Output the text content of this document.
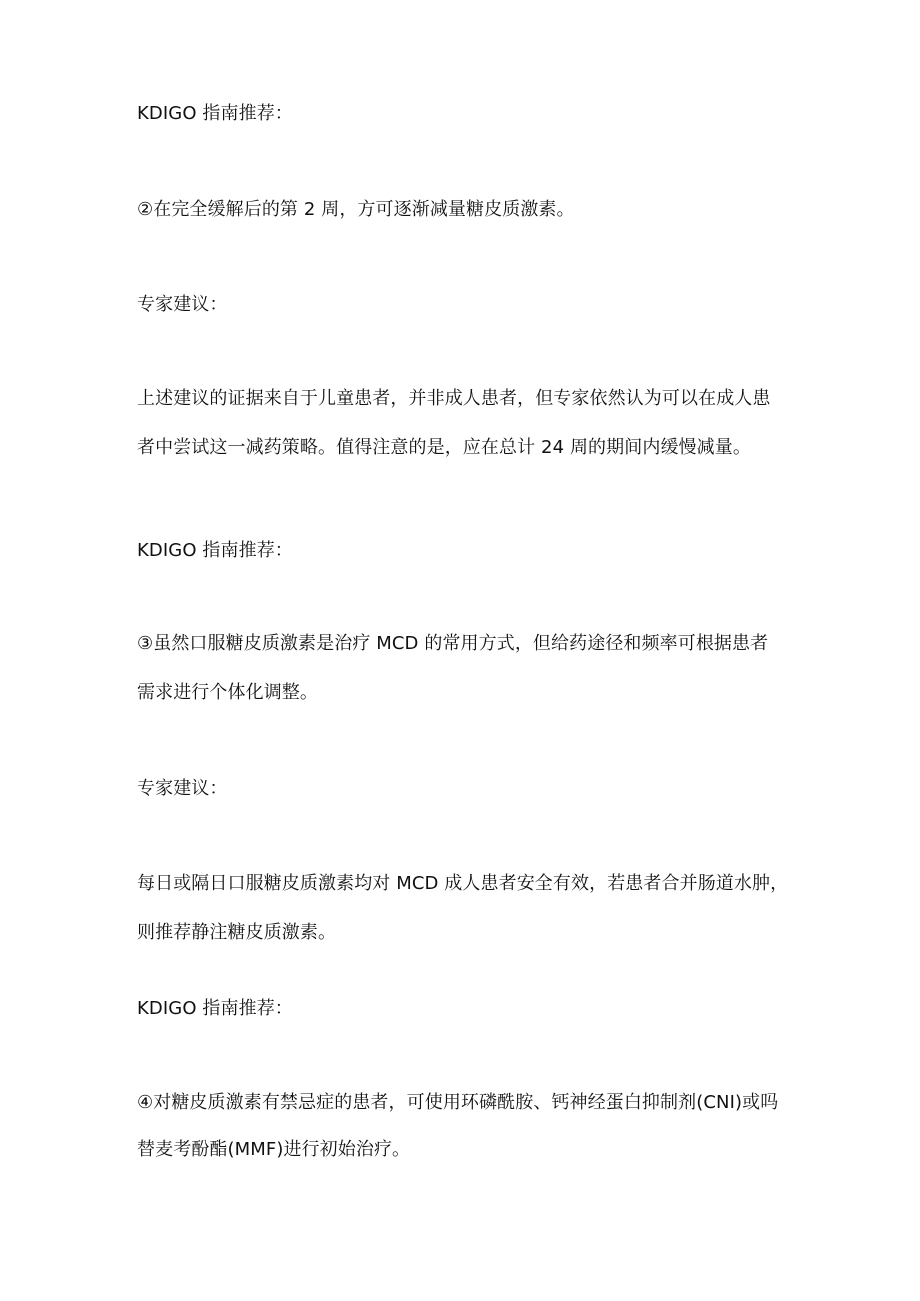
KDIGO 指南推荐：
②在完全缓解后的第 2 周，方可逐渐减量糖皮质激素。
专家建议：
上述建议的证据来自于儿童患者，并非成人患者，但专家依然认为可以在成人患
者中尝试这一减药策略。值得注意的是，应在总计 24 周的期间内缓慢减量。
KDIGO 指南推荐：
③虽然口服糖皮质激素是治疗 MCD 的常用方式，但给药途径和频率可根据患者
需求进行个体化调整。
专家建议：
每日或隔日口服糖皮质激素均对 MCD 成人患者安全有效，若患者合并肠道水肿，
则推荐静注糖皮质激素。
KDIGO 指南推荐：
④对糖皮质激素有禁忌症的患者，可使用环磷酰胺、钙神经蛋白抑制剂(CNI)或吗
替麦考酚酯(MMF)进行初始治疗。
